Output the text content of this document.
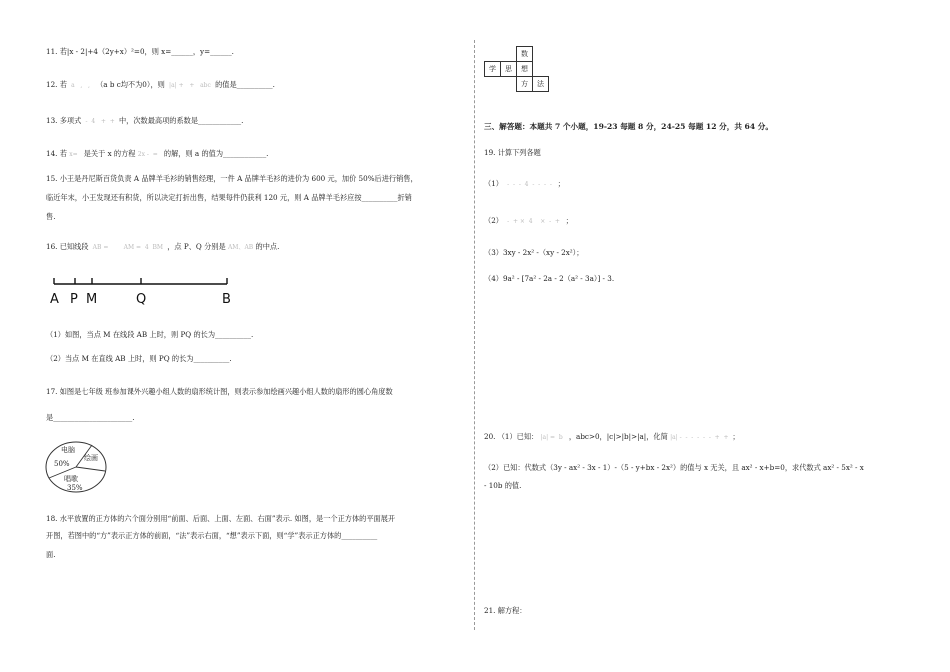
11. 若|x - 2|+4（2y+x）²=0，则 x=______，y=______.
12. 若  a   ,   ,   （a b c均不为0），则  |a| +   +   abc  的值是__________.
13. 多项式  -  4   +  +  中，次数最高项的系数是____________.
14. 若 x=   是关于 x 的方程 2x -  =   的解，则 a 的值为____________.
15. 小王是丹尼斯百货负责 A 品牌羊毛衫的销售经理，一件 A 品牌羊毛衫的进价为 600 元，加价 50%后进行销售，
临近年末，小王发现还有积货，所以决定打折出售，结果每件仍获利 120 元，则 A 品牌羊毛衫应按__________折销
售.
16. 已知线段  AB =        AM =  4  BM  ，点 P、Q 分别是 AM、AB 的中点.
A P M	Q	B
（1）如图，当点 M 在线段 AB 上时，则 PQ 的长为__________.
（2）当点 M 在直线 AB 上时，则 PQ 的长为__________.
17. 如图是七年级 班参加课外兴趣小组人数的扇形统计图，则表示参加绘画兴趣小组人数的扇形的圆心角度数
是______________________.
电脑
50%
绘画
唱歌
35%
18. 水平放置的正方体的六个面分别用“前面、后面、上面、左面、右面”表示. 如图，是一个正方体的平面展开
开图，若图中的“方”表示正方体的前面，“法”表示右面，“想”表示下面，则“学”表示正方体的__________
面.
		数	
学	思	想	
		方	法
三、解答题：本题共 7 个小题，19-23 每题 8 分，24-25 每题 12 分，共 64 分。
19. 计算下列各题
（1）  -  -  -  4  -  -  -  -   ；
（2）  -  + ×  4    ×  -  +   ；
（3）3xy - 2x² -（xy - 2x²）；
（4）9a² - [7a² - 2a - 2（a² - 3a）] - 3.
20. （1）已知： |a| =  b   ，abc>0，|c|>|b|>|a|，化简 |a| -  -  -  -  -  -  +  +  ；
（2）已知：代数式（3y - ax² - 3x - 1）-（5 - y+bx - 2x²）的值与 x 无关，且 ax² - x+b=0，求代数式 ax² - 5x² - x
- 10b 的值.
21. 解方程：
